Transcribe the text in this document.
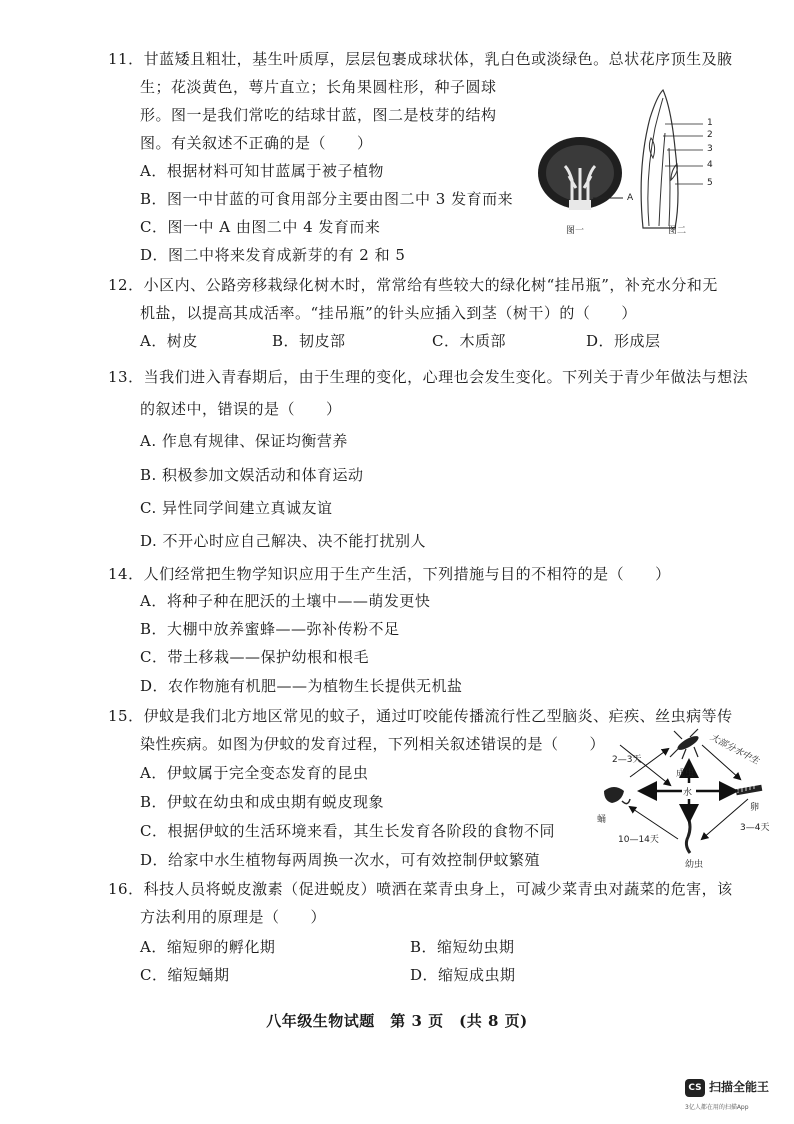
11．甘蓝矮且粗壮，基生叶质厚，层层包裹成球状体，乳白色或淡绿色。总状花序顶生及腋
生；花淡黄色，萼片直立；长角果圆柱形，种子圆球
形。图一是我们常吃的结球甘蓝，图二是枝芽的结构
图。有关叙述不正确的是（　　）
A．根据材料可知甘蓝属于被子植物
B．图一中甘蓝的可食用部分主要由图二中 3 发育而来
C．图一中 A 由图二中 4 发育而来
D．图二中将来发育成新芽的有 2 和 5
A
1
2
3
4
5
图一	图二
12．小区内、公路旁移栽绿化树木时，常常给有些较大的绿化树“挂吊瓶”，补充水分和无
机盐，以提高其成活率。“挂吊瓶”的针头应插入到茎（树干）的（　　）
A．树皮	B．韧皮部	C．木质部	D．形成层
13．当我们进入青春期后，由于生理的变化，心理也会发生变化。下列关于青少年做法与想法
的叙述中，错误的是（　　）
A. 作息有规律、保证均衡营养
B. 积极参加文娱活动和体育运动
C. 异性同学间建立真诚友谊
D. 不开心时应自己解决、决不能打扰别人
14．人们经常把生物学知识应用于生产生活，下列措施与目的不相符的是（　　）
A．将种子种在肥沃的土壤中——萌发更快
B．大棚中放养蜜蜂——弥补传粉不足
C．带土移栽——保护幼根和根毛
D．农作物施有机肥——为植物生长提供无机盐
15．伊蚊是我们北方地区常见的蚊子，通过叮咬能传播流行性乙型脑炎、疟疾、丝虫病等传
染性疾病。如图为伊蚊的发育过程，下列相关叙述错误的是（　　）
A．伊蚊属于完全变态发育的昆虫
B．伊蚊在幼虫和成虫期有蜕皮现象
C．根据伊蚊的生活环境来看，其生长发育各阶段的食物不同
D．给家中水生植物每两周换一次水，可有效控制伊蚊繁殖
2—3天
成虫
大部分水中生
水
卵
3—4天
蛹
10—14天
幼虫
16．科技人员将蜕皮激素（促进蜕皮）喷洒在菜青虫身上，可减少菜青虫对蔬菜的危害，该
方法利用的原理是（　　）
A．缩短卵的孵化期	B．缩短幼虫期
C．缩短蛹期	D．缩短成虫期
八年级生物试题　第 3 页　(共 8 页)
CS 扫描全能王
3亿人都在用的扫描App
